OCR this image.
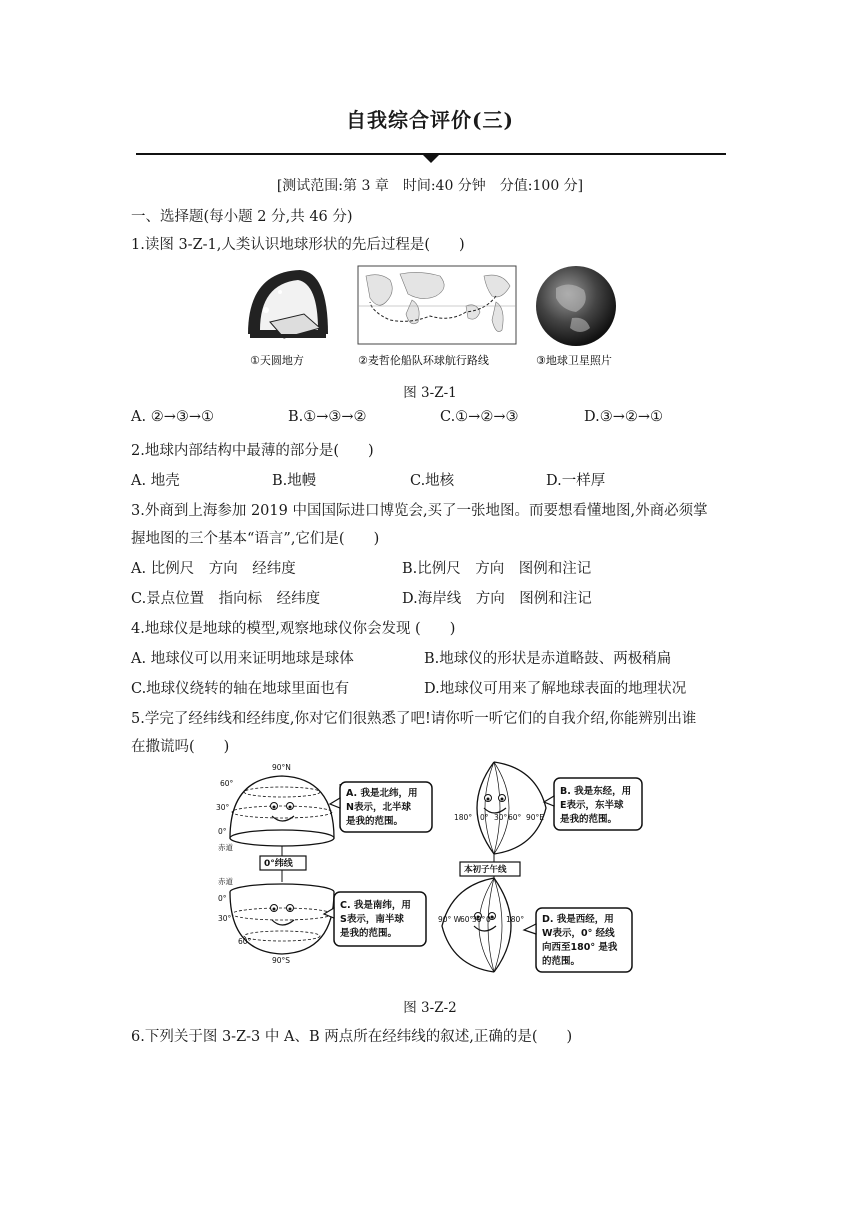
自我综合评价(三)
[测试范围:第 3 章　时间:40 分钟　分值:100 分]
一、选择题(每小题 2 分,共 46 分)
1.读图 3-Z-1,人类认识地球形状的先后过程是(　　)
①天圆地方	②麦哲伦船队环球航行路线	③地球卫星照片
图 3-Z-1
A. ②→③→①	B.①→③→②	C.①→②→③	D.③→②→①
2.地球内部结构中最薄的部分是(　　)
A. 地壳	B.地幔	C.地核	D.一样厚
3.外商到上海参加 2019 中国国际进口博览会,买了一张地图。而要想看懂地图,外商必须掌
握地图的三个基本“语言”,它们是(　　)
A. 比例尺　方向　经纬度	B.比例尺　方向　图例和注记
C.景点位置　指向标　经纬度	D.海岸线　方向　图例和注记
4.地球仪是地球的模型,观察地球仪你会发现 (　　)
A. 地球仪可以用来证明地球是球体	B.地球仪的形状是赤道略鼓、两极稍扁
C.地球仪绕转的轴在地球里面也有	D.地球仪可用来了解地球表面的地理状况
5.学完了经纬线和经纬度,你对它们很熟悉了吧!请你听一听它们的自我介绍,你能辨别出谁
在撒谎吗(　　)
90°N
60°
30°
0°
赤道
A. 我是北纬，用
N表示，北半球
是我的范围。
0°纬线
赤道
0°
30°
60°
90°S
C. 我是南纬，用
S表示，南半球
是我的范围。
180° 0° 30° 60° 90°E
B. 我是东经，用
E表示，东半球
是我的范围。
本初子午线
90° W
60°
30° 0° 180° D. 我是西经，用
W表示，0° 经线
向西至180° 是我
的范围。
图 3-Z-2
6.下列关于图 3-Z-3 中 A、B 两点所在经纬线的叙述,正确的是(　　)
